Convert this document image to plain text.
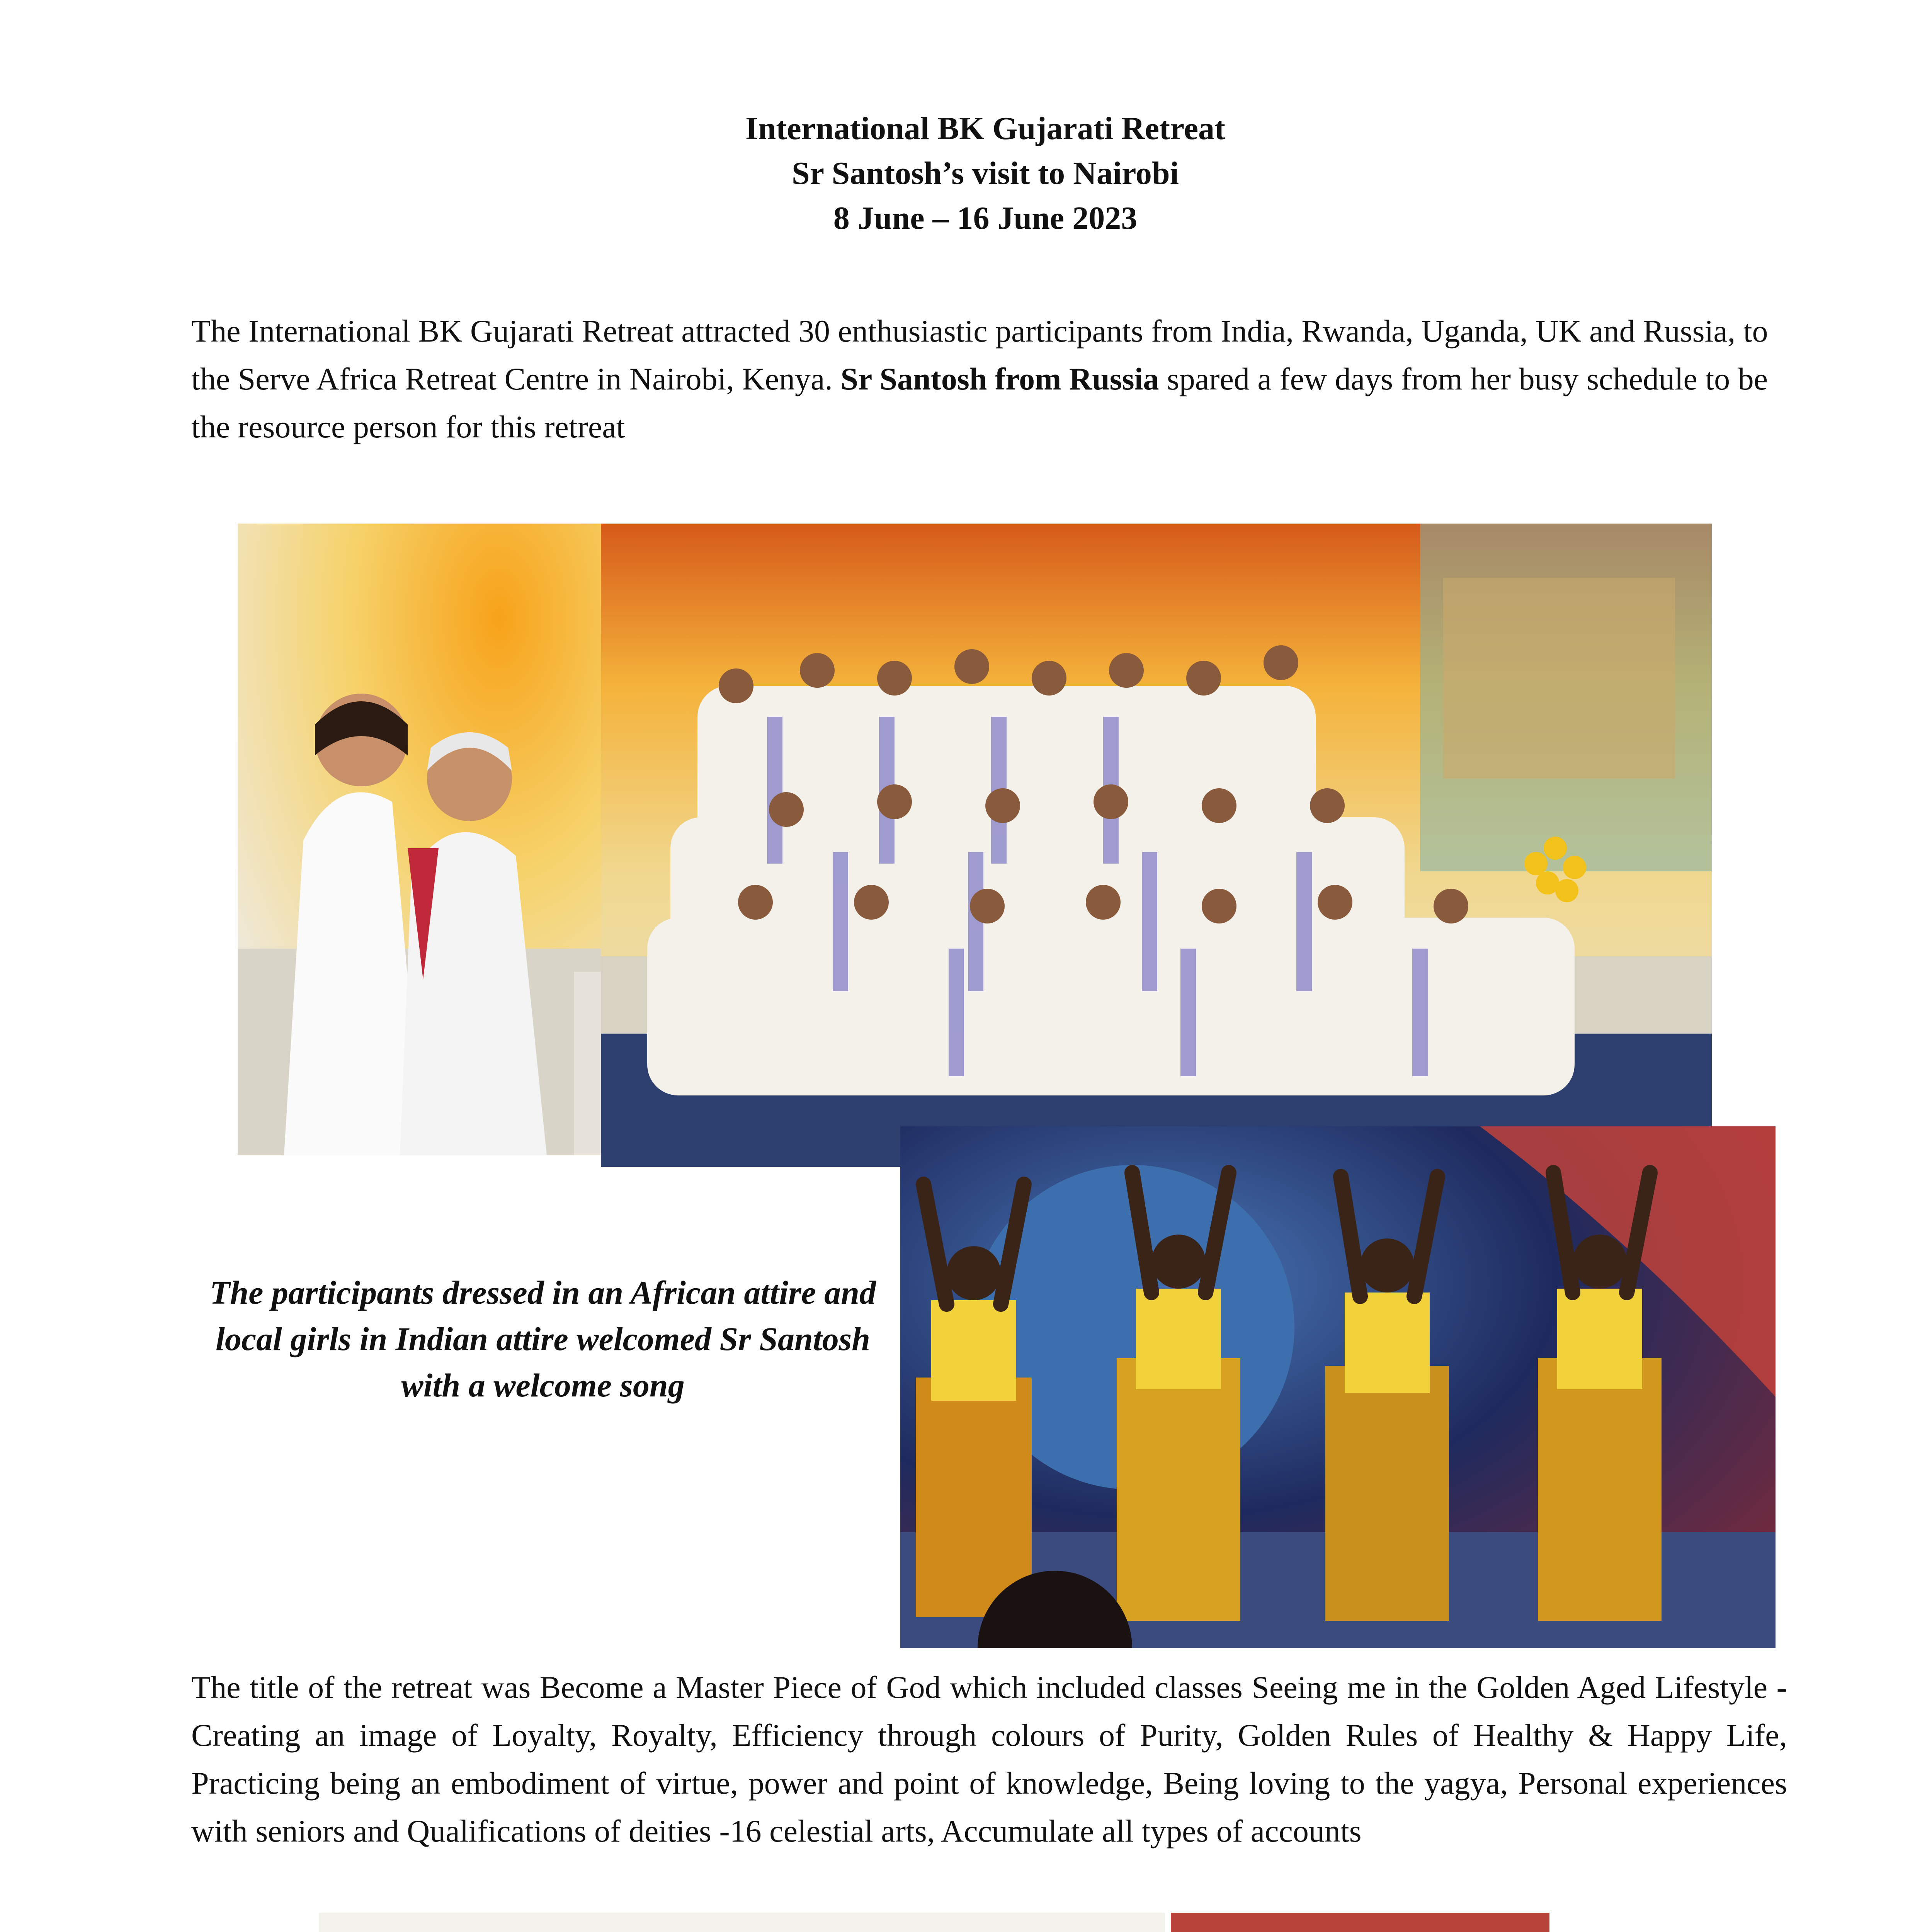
International BK Gujarati Retreat
Sr Santosh’s visit to Nairobi
8 June – 16 June 2023
The International BK Gujarati Retreat attracted 30 enthusiastic participants from India, Rwanda, Uganda, UK and Russia, to the Serve Africa Retreat Centre in Nairobi, Kenya. Sr Santosh from Russia spared a few days from her busy schedule to be the resource person for this retreat
The participants dressed in an African attire and local girls in Indian attire welcomed Sr Santosh with a welcome song
The title of the retreat was Become a Master Piece of God which included classes Seeing me in the Golden Aged Lifestyle - Creating an image of Loyalty, Royalty, Efficiency through colours of Purity, Golden Rules of Healthy & Happy Life, Practicing being an embodiment of virtue, power and point of knowledge, Being loving to the yagya, Personal experiences with seniors and Qualifications of deities -16 celestial arts, Accumulate all types of accounts
